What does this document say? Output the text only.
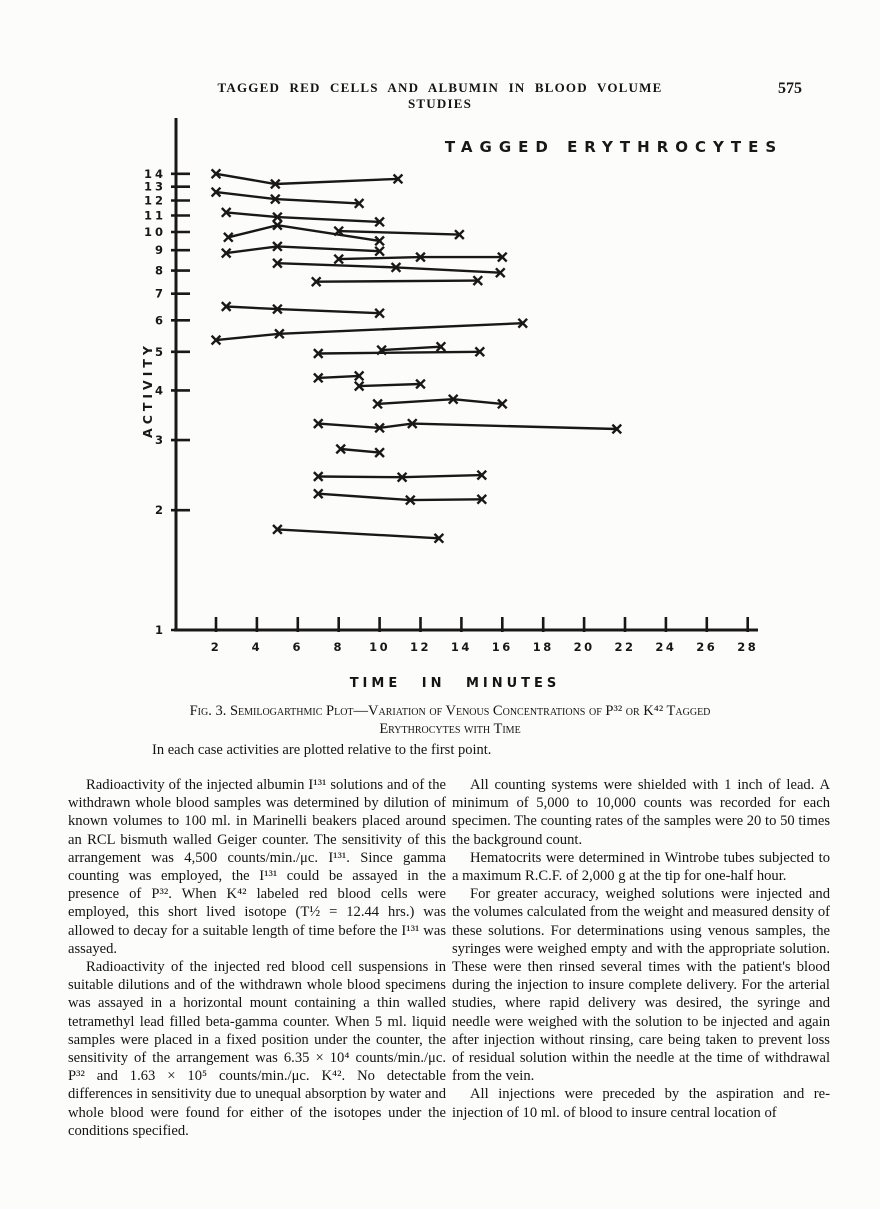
TAGGED RED CELLS AND ALBUMIN IN BLOOD VOLUME STUDIES
575
TAGGED ERYTHROCYTES
ACTIVITY
14
13
12
11
10
9
8
7
6
5
4
3
2
1
2	4	6	8 10 12 14 16 18 20 22 24 26 28
TIME IN MINUTES
Fig. 3. Semilogarthmic Plot—Variation of Venous Concentrations of P³² or K⁴² Tagged
Erythrocytes with Time
In each case activities are plotted relative to the first point.

Radioactivity of the injected albumin I¹³¹ solutions and of the withdrawn whole blood samples was determined by dilution of known volumes to 100 ml. in Marinelli beakers placed around an RCL bismuth walled Geiger counter. The sensitivity of this arrangement was 4,500 counts/min./μc. I¹³¹. Since gamma counting was employed, the I¹³¹ could be assayed in the presence of P³². When K⁴² labeled red blood cells were employed, this short lived isotope (T½ = 12.44 hrs.) was allowed to decay for a suitable length of time before the I¹³¹ was assayed.

Radioactivity of the injected red blood cell suspensions in suitable dilutions and of the withdrawn whole blood specimens was assayed in a horizontal mount containing a thin walled tetramethyl lead filled beta-gamma counter. When 5 ml. liquid samples were placed in a fixed position under the counter, the sensitivity of the arrangement was 6.35 × 10⁴ counts/min./μc. P³² and 1.63 × 10⁵ counts/min./μc. K⁴². No detectable differences in sensitivity due to unequal absorption by water and whole blood were found for either of the isotopes under the conditions specified.

All counting systems were shielded with 1 inch of lead. A minimum of 5,000 to 10,000 counts was recorded for each specimen. The counting rates of the samples were 20 to 50 times the background count.

Hematocrits were determined in Wintrobe tubes subjected to a maximum R.C.F. of 2,000 g at the tip for one-half hour.

For greater accuracy, weighed solutions were injected and the volumes calculated from the weight and measured density of these solutions. For determinations using venous samples, the syringes were weighed empty and with the appropriate solution. These were then rinsed several times with the patient's blood during the injection to insure complete delivery. For the arterial studies, where rapid delivery was desired, the syringe and needle were weighed with the solution to be injected and again after injection without rinsing, care being taken to prevent loss of residual solution within the needle at the time of withdrawal from the vein.

All injections were preceded by the aspiration and re-injection of 10 ml. of blood to insure central location of
